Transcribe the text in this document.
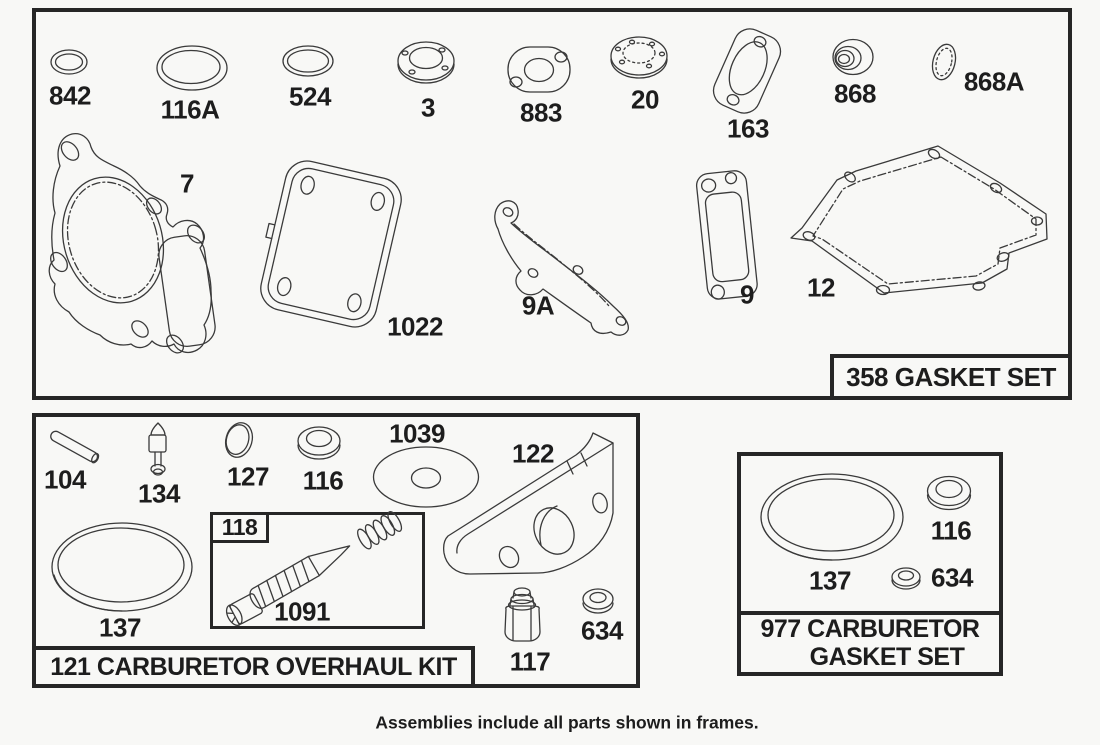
358 GASKET SET
121 CARBURETOR OVERHAUL KIT
118
977 CARBURETOR
GASKET SET
842	116A	524	3	883	20
163
868	868A
7
1022
9A	9 12
104 134
127 116
1039
122
137
117
634
1091
137
116
634
Assemblies include all parts shown in frames.
